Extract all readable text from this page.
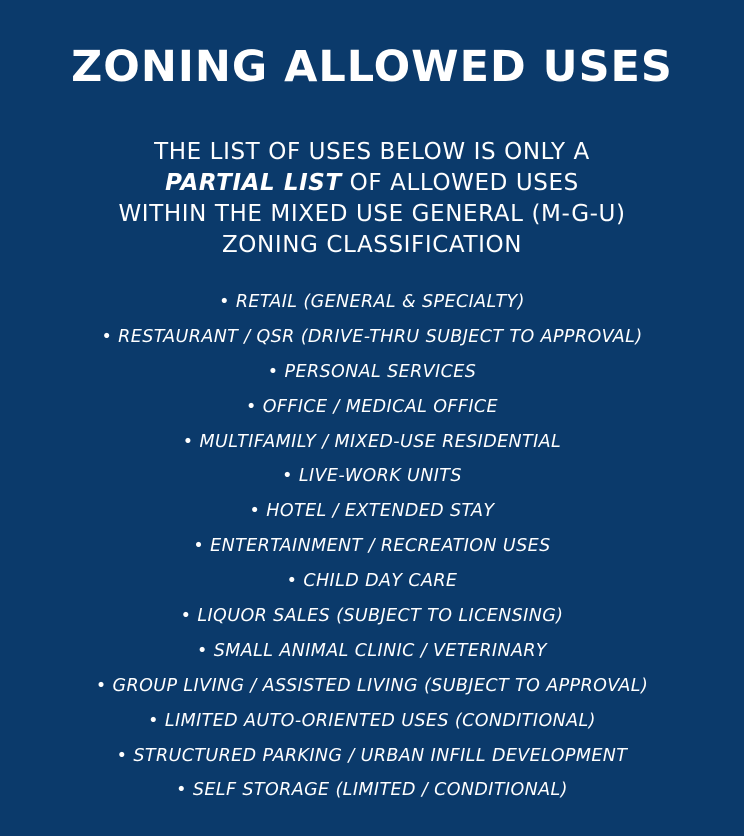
ZONING ALLOWED USES

THE LIST OF USES BELOW IS ONLY A
PARTIAL LIST OF ALLOWED USES
WITHIN THE MIXED USE GENERAL (M-G-U)
ZONING CLASSIFICATION

• RETAIL (GENERAL & SPECIALTY)
• RESTAURANT / QSR (DRIVE-THRU SUBJECT TO APPROVAL)
• PERSONAL SERVICES
• OFFICE / MEDICAL OFFICE
• MULTIFAMILY / MIXED-USE RESIDENTIAL
• LIVE-WORK UNITS
• HOTEL / EXTENDED STAY
• ENTERTAINMENT / RECREATION USES
• CHILD DAY CARE
• LIQUOR SALES (SUBJECT TO LICENSING)
• SMALL ANIMAL CLINIC / VETERINARY
• GROUP LIVING / ASSISTED LIVING (SUBJECT TO APPROVAL)
• LIMITED AUTO-ORIENTED USES (CONDITIONAL)
• STRUCTURED PARKING / URBAN INFILL DEVELOPMENT
• SELF STORAGE (LIMITED / CONDITIONAL)
